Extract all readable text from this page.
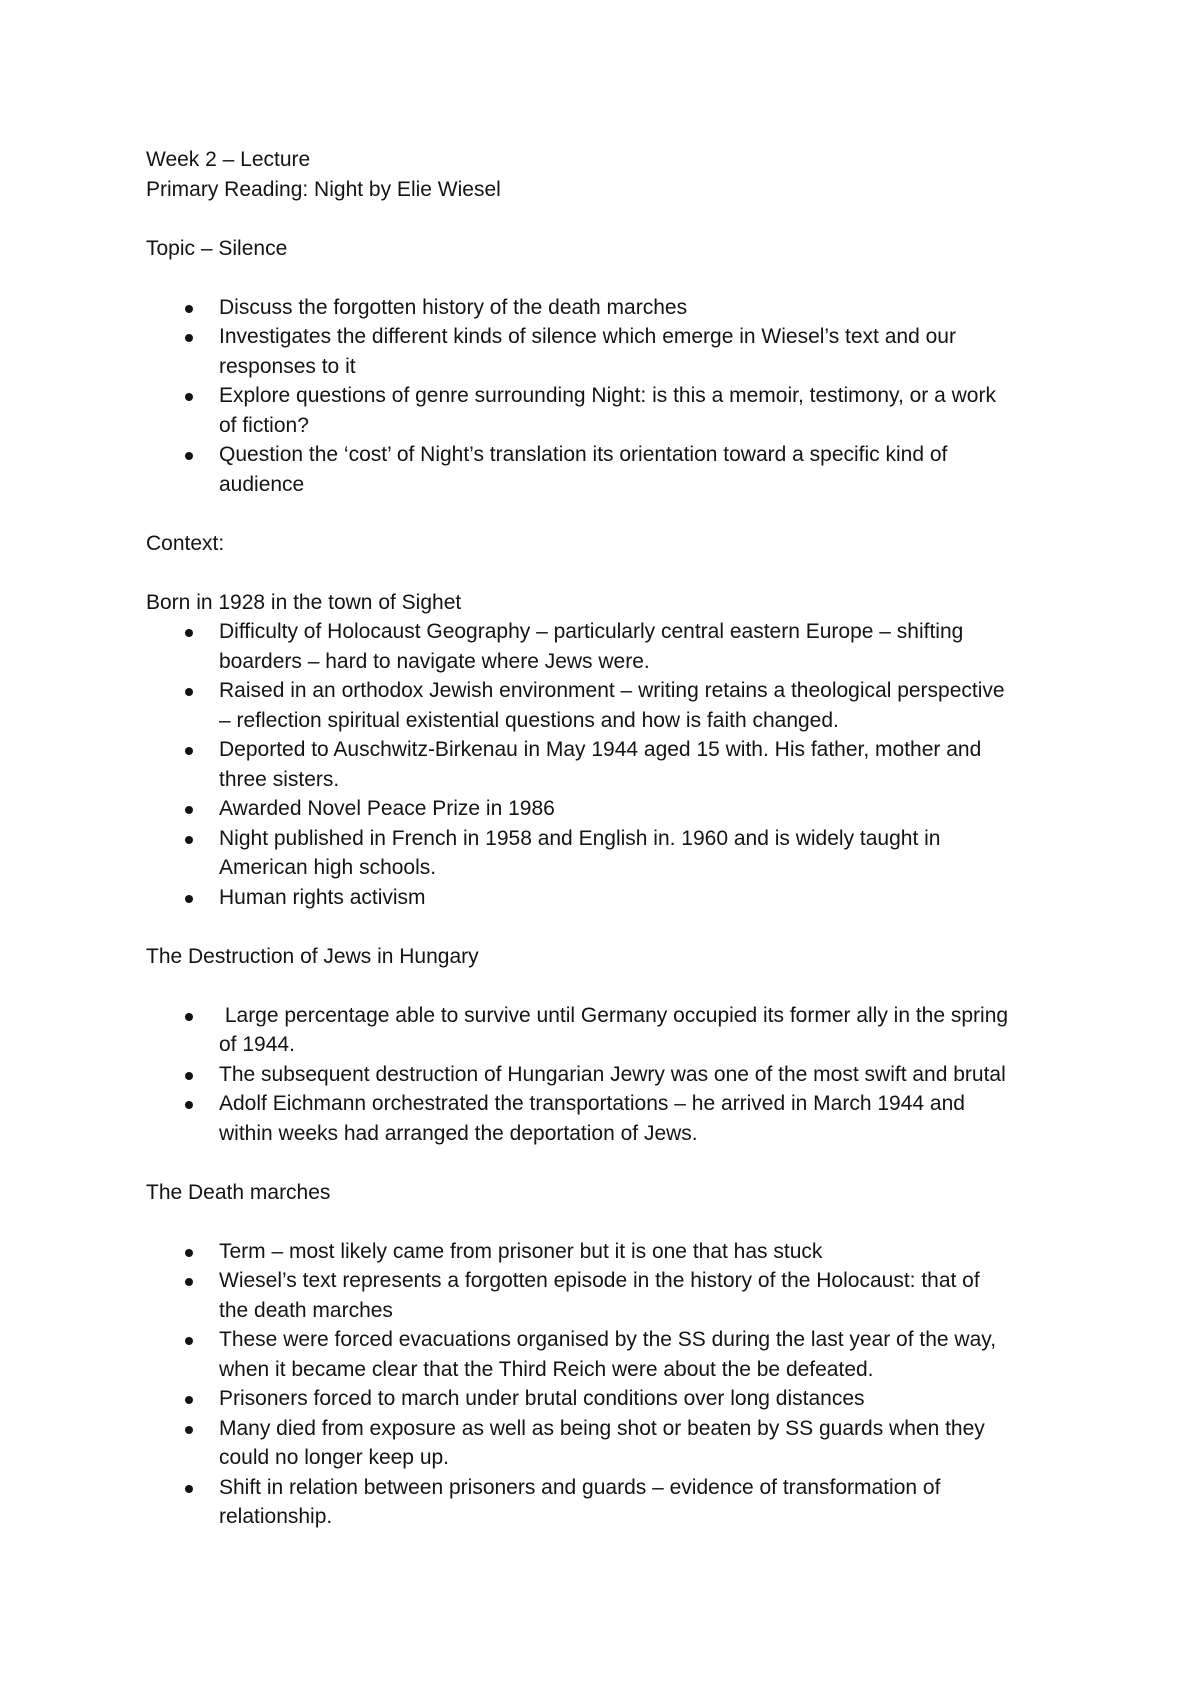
Week 2 – Lecture

Primary Reading: Night by Elie Wiesel

Topic – Silence

Discuss the forgotten history of the death marches
Investigates the different kinds of silence which emerge in Wiesel’s text and our
responses to it
Explore questions of genre surrounding Night: is this a memoir, testimony, or a work
of fiction?
Question the ‘cost’ of Night’s translation its orientation toward a specific kind of
audience

Context:

Born in 1928 in the town of Sighet

Difficulty of Holocaust Geography – particularly central eastern Europe – shifting
boarders – hard to navigate where Jews were.
Raised in an orthodox Jewish environment – writing retains a theological perspective
– reflection spiritual existential questions and how is faith changed.
Deported to Auschwitz-Birkenau in May 1944 aged 15 with. His father, mother and
three sisters.
Awarded Novel Peace Prize in 1986
Night published in French in 1958 and English in. 1960 and is widely taught in
American high schools.
Human rights activism

The Destruction of Jews in Hungary

Large percentage able to survive until Germany occupied its former ally in the spring
of 1944.
The subsequent destruction of Hungarian Jewry was one of the most swift and brutal
Adolf Eichmann orchestrated the transportations – he arrived in March 1944 and
within weeks had arranged the deportation of Jews.

The Death marches

Term – most likely came from prisoner but it is one that has stuck
Wiesel’s text represents a forgotten episode in the history of the Holocaust: that of
the death marches
These were forced evacuations organised by the SS during the last year of the way,
when it became clear that the Third Reich were about the be defeated.
Prisoners forced to march under brutal conditions over long distances
Many died from exposure as well as being shot or beaten by SS guards when they
could no longer keep up.
Shift in relation between prisoners and guards – evidence of transformation of
relationship.
